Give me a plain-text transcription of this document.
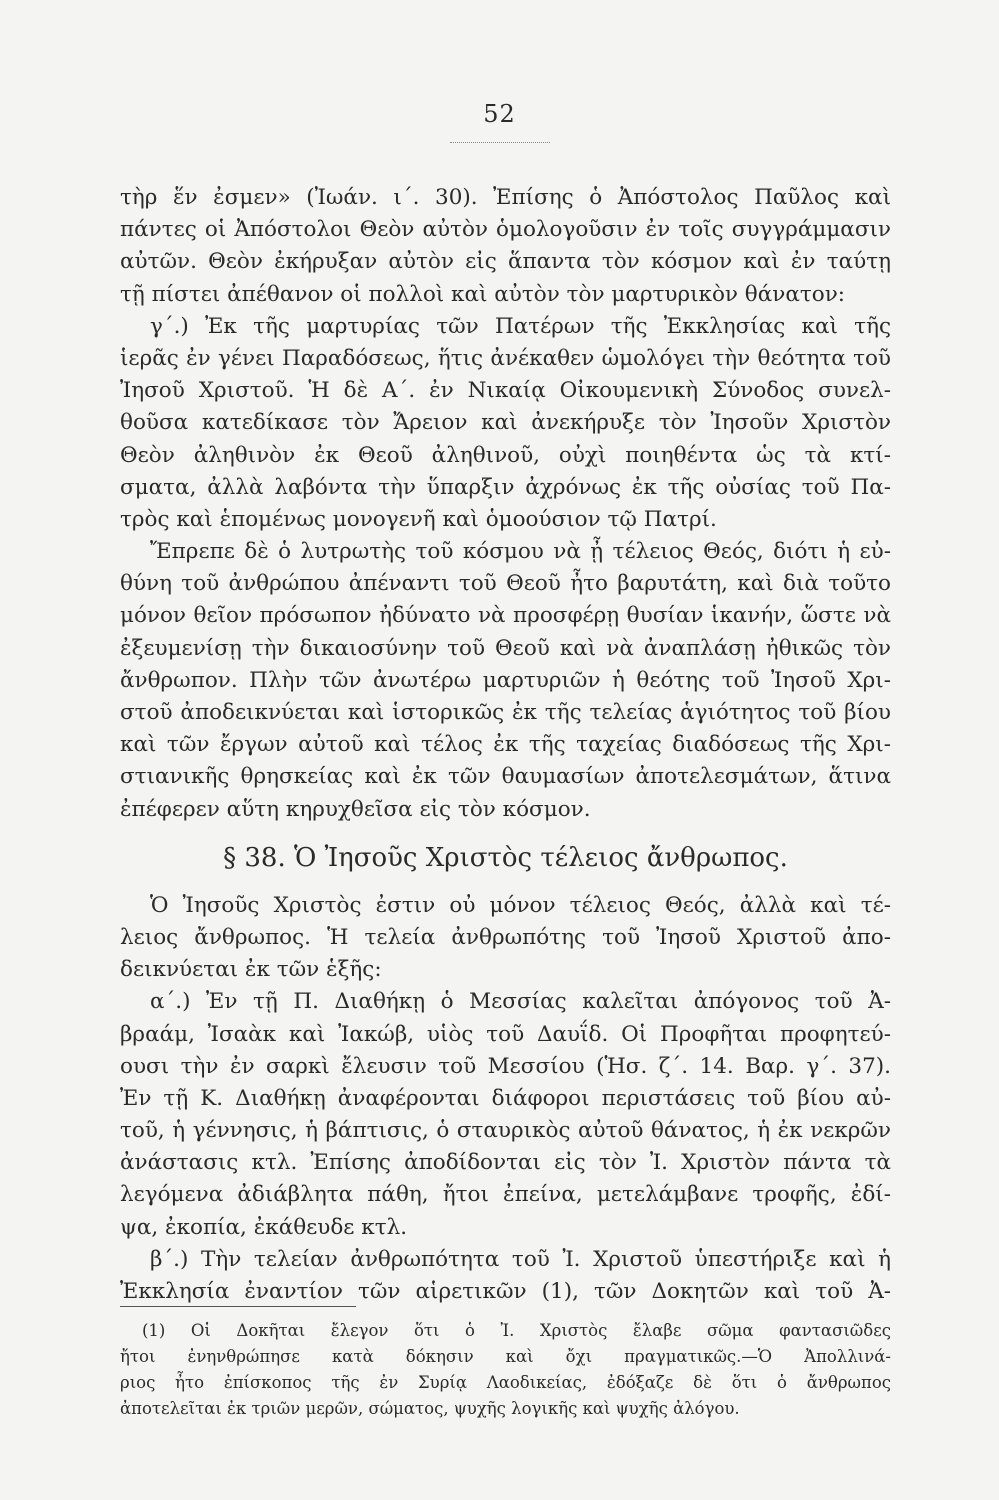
52
τὴρ ἕν ἐσμεν» (Ἰωάν. ι΄. 30). Ἐπίσης ὁ Ἀπόστολος Παῦλος καὶ
πάντες οἱ Ἀπόστολοι Θεὸν αὐτὸν ὁμολογοῦσιν ἐν τοῖς συγγράμμασιν
αὐτῶν. Θεὸν ἐκήρυξαν αὐτὸν εἰς ἅπαντα τὸν κόσμον καὶ ἐν ταύτῃ
τῇ πίστει ἀπέθανον οἱ πολλοὶ καὶ αὐτὸν τὸν μαρτυρικὸν θάνατον:
γ΄.) Ἐκ τῆς μαρτυρίας τῶν Πατέρων τῆς Ἐκκλησίας καὶ τῆς
ἱερᾶς ἐν γένει Παραδόσεως, ἥτις ἀνέκαθεν ὡμολόγει τὴν θεότητα τοῦ
Ἰησοῦ Χριστοῦ. Ἡ δὲ Α΄. ἐν Νικαίᾳ Οἰκουμενικὴ Σύνοδος συνελ-
θοῦσα κατεδίκασε τὸν Ἄρειον καὶ ἀνεκήρυξε τὸν Ἰησοῦν Χριστὸν
Θεὸν ἀληθινὸν ἐκ Θεοῦ ἀληθινοῦ, οὐχὶ ποιηθέντα ὡς τὰ κτί-
σματα, ἀλλὰ λαβόντα τὴν ὕπαρξιν ἀχρόνως ἐκ τῆς οὐσίας τοῦ Πα-
τρὸς καὶ ἑπομένως μονογενῆ καὶ ὁμοούσιον τῷ Πατρί.
Ἔπρεπε δὲ ὁ λυτρωτὴς τοῦ κόσμου νὰ ᾖ τέλειος Θεός, διότι ἡ εὐ-
θύνη τοῦ ἀνθρώπου ἀπέναντι τοῦ Θεοῦ ἦτο βαρυτάτη, καὶ διὰ τοῦτο
μόνον θεῖον πρόσωπον ἠδύνατο νὰ προσφέρῃ θυσίαν ἱκανήν, ὥστε νὰ
ἐξευμενίσῃ τὴν δικαιοσύνην τοῦ Θεοῦ καὶ νὰ ἀναπλάσῃ ἠθικῶς τὸν
ἄνθρωπον. Πλὴν τῶν ἀνωτέρω μαρτυριῶν ἡ θεότης τοῦ Ἰησοῦ Χρι-
στοῦ ἀποδεικνύεται καὶ ἱστορικῶς ἐκ τῆς τελείας ἁγιότητος τοῦ βίου
καὶ τῶν ἔργων αὐτοῦ καὶ τέλος ἐκ τῆς ταχείας διαδόσεως τῆς Χρι-
στιανικῆς θρησκείας καὶ ἐκ τῶν θαυμασίων ἀποτελεσμάτων, ἅτινα
ἐπέφερεν αὕτη κηρυχθεῖσα εἰς τὸν κόσμον.
§ 38. Ὁ Ἰησοῦς Χριστὸς τέλειος ἄνθρωπος.
Ὁ Ἰησοῦς Χριστὸς ἐστιν οὐ μόνον τέλειος Θεός, ἀλλὰ καὶ τέ-
λειος ἄνθρωπος. Ἡ τελεία ἀνθρωπότης τοῦ Ἰησοῦ Χριστοῦ ἀπο-
δεικνύεται ἐκ τῶν ἑξῆς:
α΄.) Ἐν τῇ Π. Διαθήκῃ ὁ Μεσσίας καλεῖται ἀπόγονος τοῦ Ἀ-
βραάμ, Ἰσαὰκ καὶ Ἰακώβ, υἱὸς τοῦ Δαυΐδ. Οἱ Προφῆται προφητεύ-
ουσι τὴν ἐν σαρκὶ ἔλευσιν τοῦ Μεσσίου (Ἡσ. ζ΄. 14. Βαρ. γ΄. 37).
Ἐν τῇ Κ. Διαθήκῃ ἀναφέρονται διάφοροι περιστάσεις τοῦ βίου αὐ-
τοῦ, ἡ γέννησις, ἡ βάπτισις, ὁ σταυρικὸς αὐτοῦ θάνατος, ἡ ἐκ νεκρῶν
ἀνάστασις κτλ. Ἐπίσης ἀποδίδονται εἰς τὸν Ἰ. Χριστὸν πάντα τὰ
λεγόμενα ἀδιάβλητα πάθη, ἤτοι ἐπείνα, μετελάμβανε τροφῆς, ἐδί-
ψα, ἐκοπία, ἐκάθευδε κτλ.
β΄.) Τὴν τελείαν ἀνθρωπότητα τοῦ Ἰ. Χριστοῦ ὑπεστήριξε καὶ ἡ
Ἐκκλησία ἐναντίον τῶν αἱρετικῶν (1), τῶν Δοκητῶν καὶ τοῦ Ἀ-
(1) Οἱ Δοκῆται ἔλεγον ὅτι ὁ Ἰ. Χριστὸς ἔλαβε σῶμα φαντασιῶδες
ἤτοι ἐνηνθρώπησε κατὰ δόκησιν καὶ ὄχι πραγματικῶς.—Ὁ Ἀπολλινά-
ριος ἦτο ἐπίσκοπος τῆς ἐν Συρίᾳ Λαοδικείας, ἐδόξαζε δὲ ὅτι ὁ ἄνθρωπος
ἀποτελεῖται ἐκ τριῶν μερῶν, σώματος, ψυχῆς λογικῆς καὶ ψυχῆς ἀλόγου.
